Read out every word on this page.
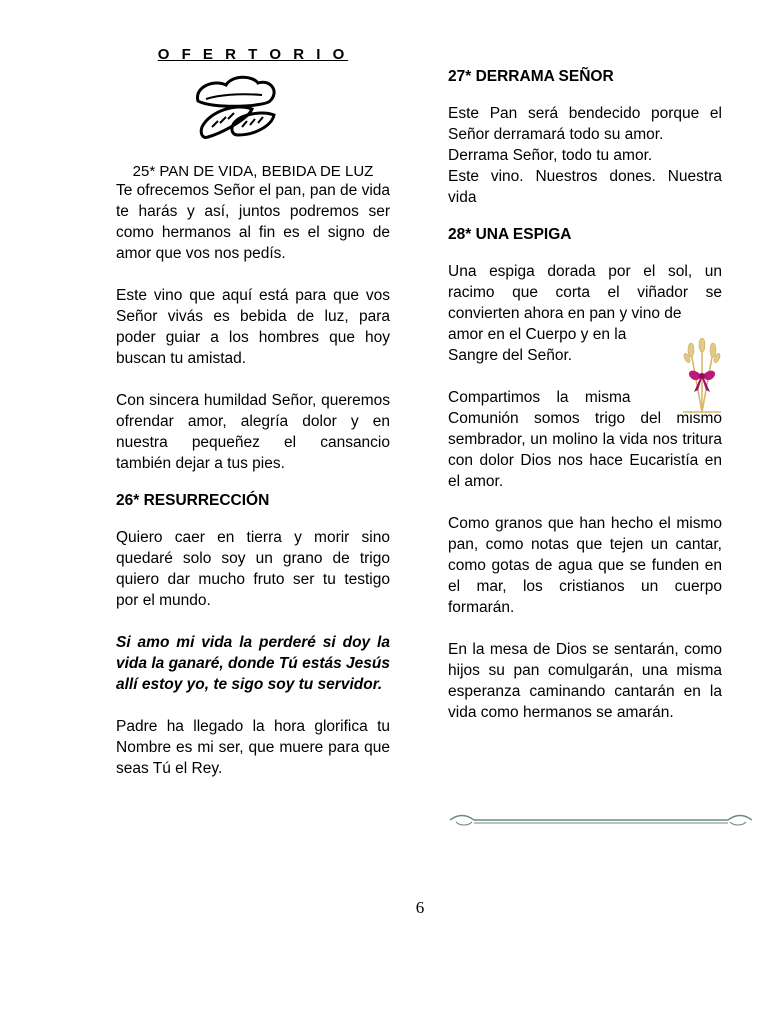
O F E R T O R I O
25* PAN DE VIDA, BEBIDA DE LUZ

Te ofrecemos Señor el pan, pan de vida te harás y así, juntos podremos ser como hermanos al fin es el signo de amor que vos nos pedís.

Este vino que aquí está para que vos Señor vivás es bebida de luz, para poder guiar a los hombres que hoy buscan tu amistad.

Con sincera humildad Señor, queremos ofrendar amor, alegría dolor y en nuestra pequeñez el cansancio también dejar a tus pies.

26* RESURRECCIÓN

Quiero caer en tierra y morir sino quedaré solo soy un grano de trigo quiero dar mucho fruto ser tu testigo por el mundo.

Si amo mi vida la perderé si doy la vida la ganaré, donde Tú estás Jesús allí estoy yo, te sigo soy tu servidor.

Padre ha llegado la hora glorifica tu Nombre es mi ser, que muere para que seas Tú el Rey.

27* DERRAMA SEÑOR

Este Pan será bendecido porque el Señor derramará todo su amor.

Derrama Señor, todo tu amor.

Este vino. Nuestros dones. Nuestra vida

28* UNA ESPIGA

Una espiga dorada por el sol, un racimo que corta el viñador se convierten ahora en pan y vino de

amor en el Cuerpo y en la

Sangre del Señor.

Compartimos la misma

Comunión somos trigo del mismo sembrador, un molino la vida nos tritura con dolor Dios nos hace Eucaristía en el amor.

Como granos que han hecho el mismo pan, como notas que tejen un cantar, como gotas de agua que se funden en el mar, los cristianos un cuerpo formarán.

En la mesa de Dios se sentarán, como hijos su pan comulgarán, una misma esperanza caminando cantarán en la vida como hermanos se amarán.

6
